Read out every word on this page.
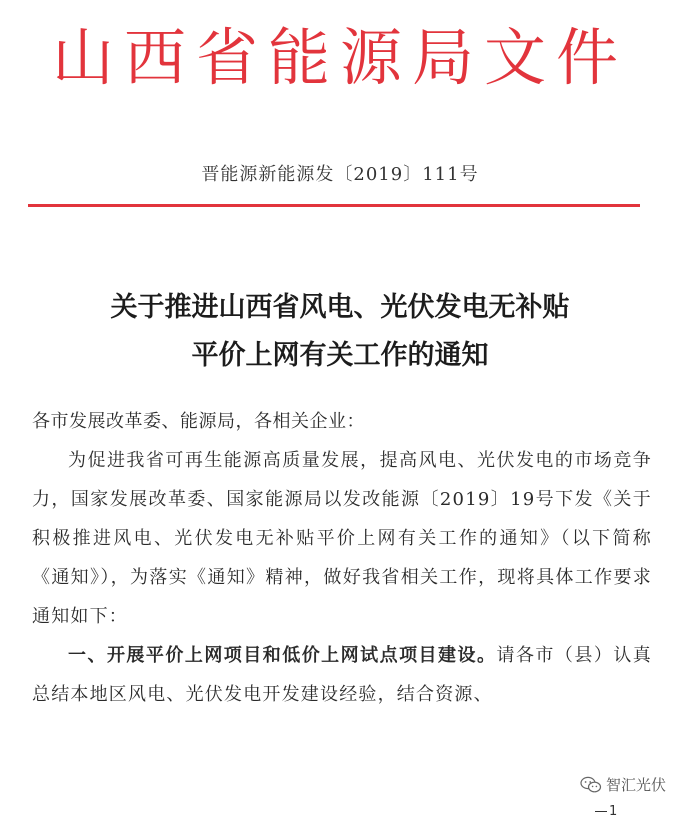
山西省能源局文件
晋能源新能源发〔2019〕111号
关于推进山西省风电、光伏发电无补贴
平价上网有关工作的通知

各市发展改革委、能源局，各相关企业：

为促进我省可再生能源高质量发展，提高风电、光伏发电的市场竞争力，国家发展改革委、国家能源局以发改能源〔2019〕19号下发《关于积极推进风电、光伏发电无补贴平价上网有关工作的通知》（以下简称《通知》），为落实《通知》精神，做好我省相关工作，现将具体工作要求通知如下：

一、开展平价上网项目和低价上网试点项目建设。请各市（县）认真总结本地区风电、光伏发电开发建设经验，结合资源、

智汇光伏
1
